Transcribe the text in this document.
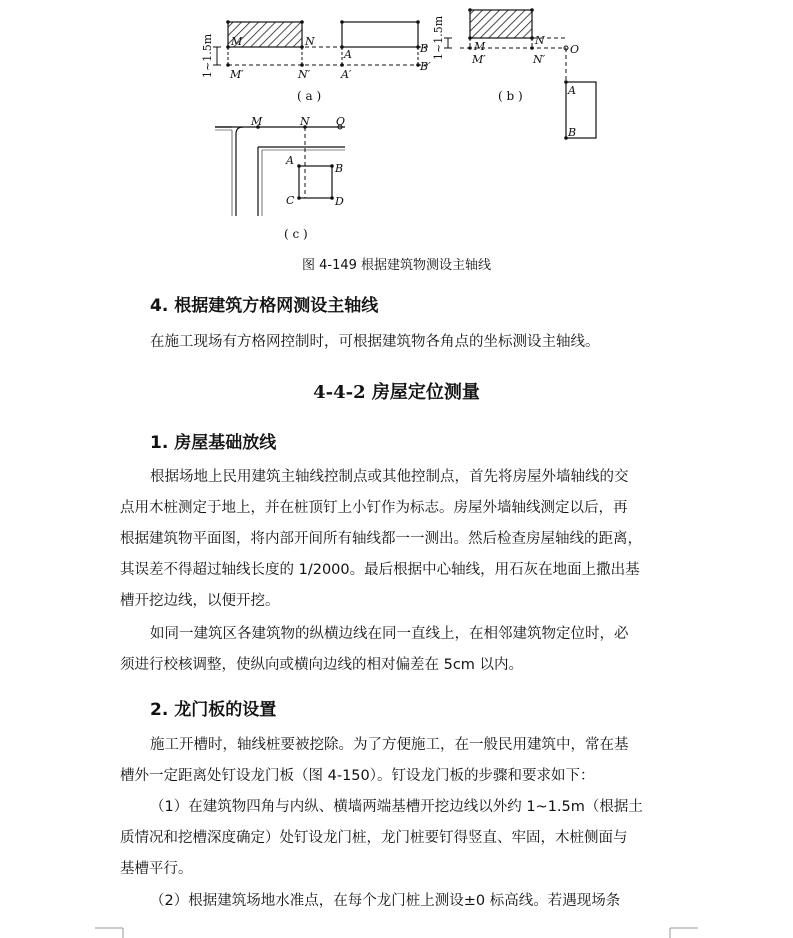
1~1.5m M	N
M′	N′
A	B
A′
B′
( a )
1~1.5m	M	N
M′	N′
O
A
B
( b )
M	N O
A
B
C	D
( c )
图 4-149 根据建筑物测设主轴线
4. 根据建筑方格网测设主轴线
在施工现场有方格网控制时，可根据建筑物各角点的坐标测设主轴线。
4-4-2 房屋定位测量
1. 房屋基础放线
根据场地上民用建筑主轴线控制点或其他控制点，首先将房屋外墙轴线的交
点用木桩测定于地上，并在桩顶钉上小钉作为标志。房屋外墙轴线测定以后，再
根据建筑物平面图，将内部开间所有轴线都一一测出。然后检查房屋轴线的距离，
其误差不得超过轴线长度的 1/2000。最后根据中心轴线，用石灰在地面上撒出基
槽开挖边线，以便开挖。
如同一建筑区各建筑物的纵横边线在同一直线上，在相邻建筑物定位时，必
须进行校核调整，使纵向或横向边线的相对偏差在 5cm 以内。
2. 龙门板的设置
施工开槽时，轴线桩要被挖除。为了方便施工，在一般民用建筑中，常在基
槽外一定距离处钉设龙门板（图 4-150）。钉设龙门板的步骤和要求如下：
（1）在建筑物四角与内纵、横墙两端基槽开挖边线以外约 1~1.5m（根据土
质情况和挖槽深度确定）处钉设龙门桩，龙门桩要钉得竖直、牢固，木桩侧面与
基槽平行。
（2）根据建筑场地水准点，在每个龙门桩上测设±0 标高线。若遇现场条
